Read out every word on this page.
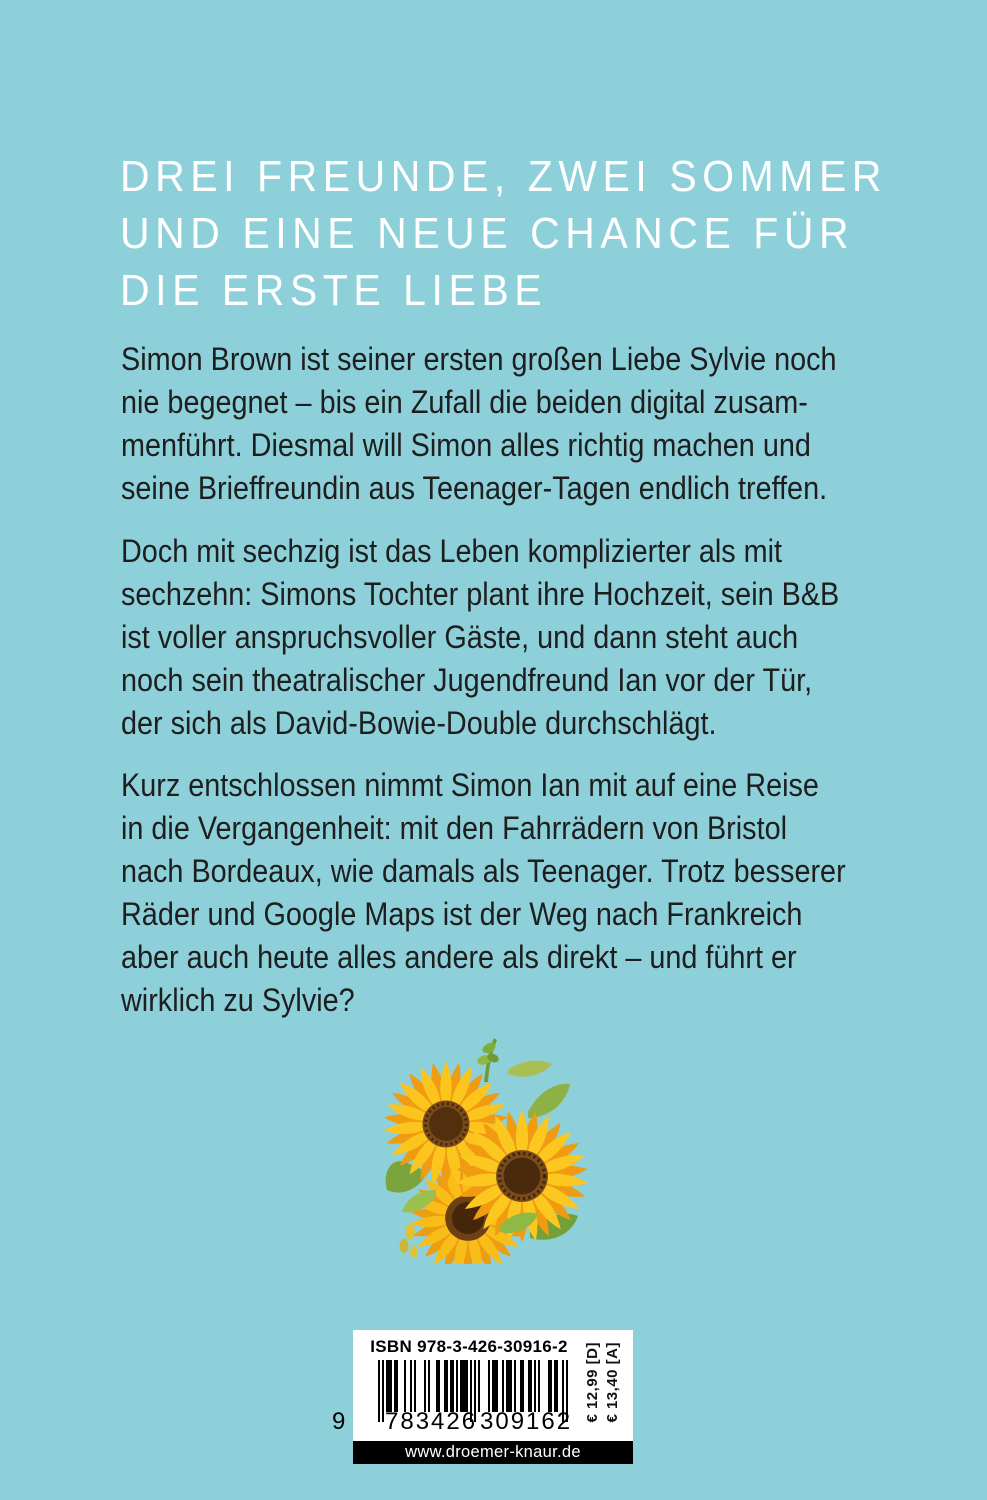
DREI FREUNDE, ZWEI SOMMER
UND EINE NEUE CHANCE FÜR
DIE ERSTE LIEBE
Simon Brown ist seiner ersten großen Liebe Sylvie noch
nie begegnet – bis ein Zufall die beiden digital zusam-
menführt. Diesmal will Simon alles richtig machen und
seine Brieffreundin aus Teenager-Tagen endlich treffen.
Doch mit sechzig ist das Leben komplizierter als mit
sechzehn: Simons Tochter plant ihre Hochzeit, sein B&B
ist voller anspruchsvoller Gäste, und dann steht auch
noch sein theatralischer Jugendfreund Ian vor der Tür,
der sich als David-Bowie-Double durchschlägt.
Kurz entschlossen nimmt Simon Ian mit auf eine Reise
in die Vergangenheit: mit den Fahrrädern von Bristol
nach Bordeaux, wie damals als Teenager. Trotz besserer
Räder und Google Maps ist der Weg nach Frankreich
aber auch heute alles andere als direkt – und führt er
wirklich zu Sylvie?
ISBN 978-3-426-30916-2
9 783426 309162 € 12,99 [D] € 13,40 [A]
www.droemer-knaur.de
